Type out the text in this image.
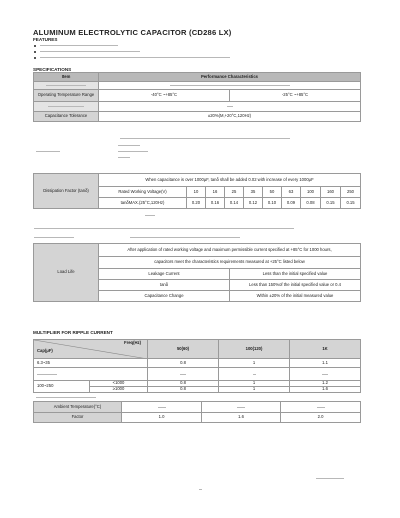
ALUMINUM ELECTROLYTIC CAPACITOR (CD286 LX)
FEATURES
SPECIFICATIONS
Item	Performance Characteristics	

Operating Temperature Range	-40°C ~+85°C	-25°C ~+85°C

Capacitance Tolerance	±20%(M,+20°C,120Hz)	
Dissipation Factor (tanδ)	When capacitance is over 1000μF, tanδ shall be added 0.02 with increase of every 1000μF									
	Rated Working Voltage(V)	10	16	25	35	50	63	100	160	250
	tanδMAX.(25°C,120Hz)	0.20	0.16	0.14	0.12	0.10	0.09	0.08	0.15	0.15
Load Life	After application of rated working voltage and maximum permissible current specified at +85°C for 1000 hours,	
	capacitors meet the characteristics requirements measured at +25°C listed below	
	Leakage Current	Less than the initial specified value
	tanδ	Less than 150%of the initial specified value or 0.4
	Capacitance Change	Within ±20% of the initial measured value
MULTIPLIER FOR RIPPLE CURRENT
Freq(Hz)
Cap(μF)		50(60)	100(120)	1K	
6.3~35		0.8	1	1.1	

100~250	<1000	0.8	1	1.2	
	≥1000	0.8	1	1.6	
Ambient Temperature(°C)	

Factor	1.0	1.6	2.0
